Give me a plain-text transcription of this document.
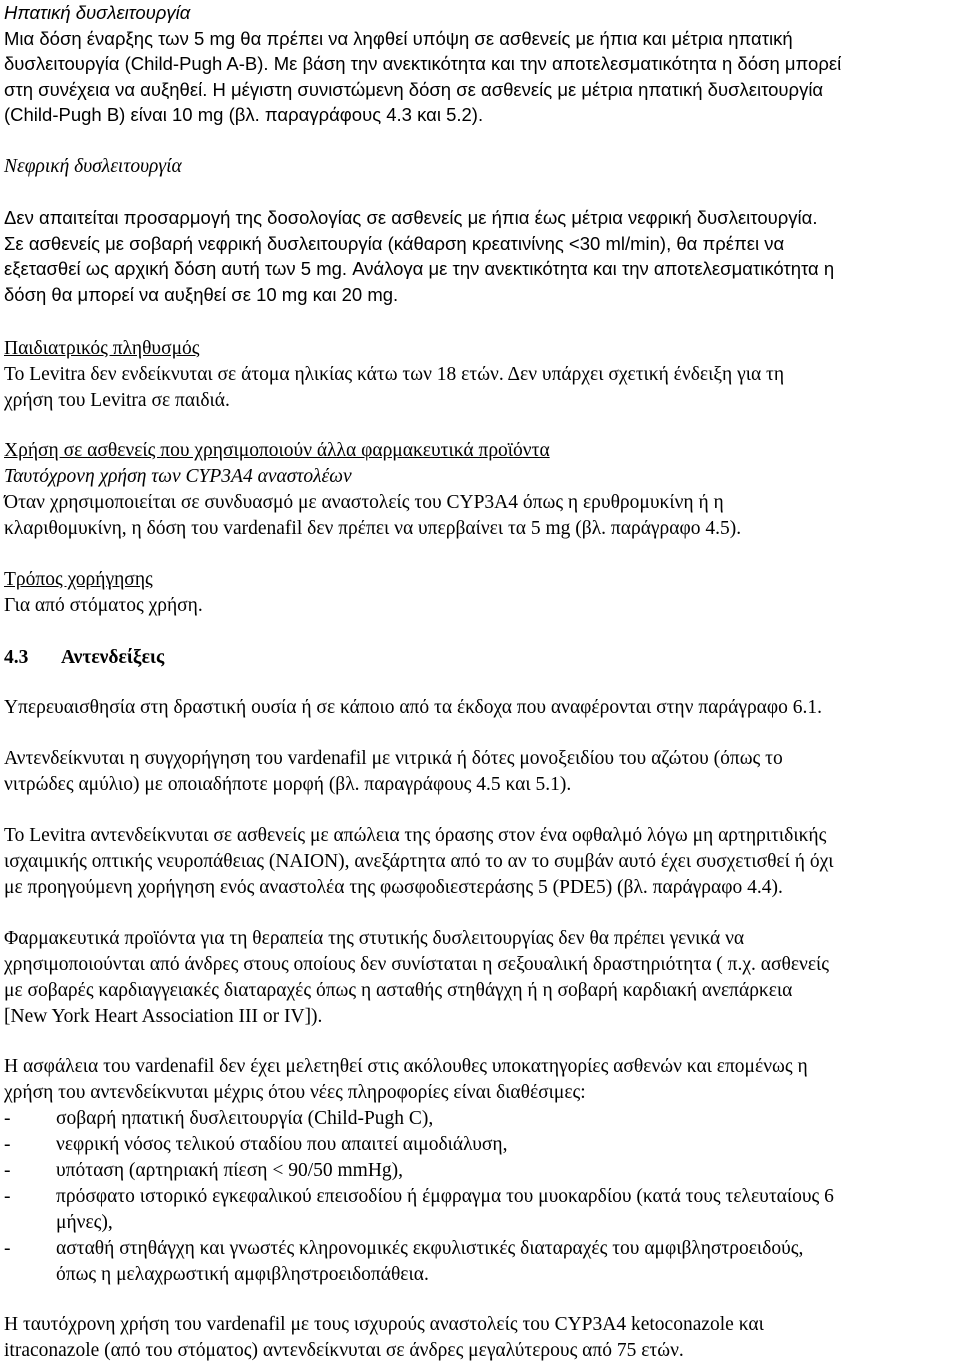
Ηπατική δυσλειτουργία
Μια δόση έναρξης των 5 mg θα πρέπει να ληφθεί υπόψη σε ασθενείς με ήπια και μέτρια ηπατική
δυσλειτουργία (Child-Pugh A-B). Με βάση την ανεκτικότητα και την αποτελεσματικότητα η δόση μπορεί
στη συνέχεια να αυξηθεί. Η μέγιστη συνιστώμενη δόση σε ασθενείς με μέτρια ηπατική δυσλειτουργία
(Child-Pugh B) είναι 10 mg (βλ. παραγράφους 4.3 και 5.2).
Νεφρική δυσλειτουργία
Δεν απαιτείται προσαρμογή της δοσολογίας σε ασθενείς με ήπια έως μέτρια νεφρική δυσλειτουργία.
Σε ασθενείς με σοβαρή νεφρική δυσλειτουργία (κάθαρση κρεατινίνης <30 ml/min), θα πρέπει να
εξετασθεί ως αρχική δόση αυτή των 5 mg. Ανάλογα με την ανεκτικότητα και την αποτελεσματικότητα η
δόση θα μπορεί να αυξηθεί σε 10 mg και 20 mg.
Παιδιατρικός πληθυσμός
Το Levitra δεν ενδείκνυται σε άτομα ηλικίας κάτω των 18 ετών. Δεν υπάρχει σχετική ένδειξη για τη
χρήση του Levitra σε παιδιά.
Χρήση σε ασθενείς που χρησιμοποιούν άλλα φαρμακευτικά προϊόντα
Ταυτόχρονη χρήση των CYP3A4 αναστολέων
Όταν χρησιμοποιείται σε συνδυασμό με αναστολείς του CYP3A4 όπως η ερυθρομυκίνη ή η
κλαριθομυκίνη, η δόση του vardenafil δεν πρέπει να υπερβαίνει τα 5 mg (βλ. παράγραφο 4.5).
Τρόπος χορήγησης
Για από στόματος χρήση.
4.3 Αντενδείξεις
Υπερευαισθησία στη δραστική ουσία ή σε κάποιο από τα έκδοχα που αναφέρονται στην παράγραφο 6.1.
Αντενδείκνυται η συγχορήγηση του vardenafil με νιτρικά ή δότες μονοξειδίου του αζώτου (όπως το
νιτρώδες αμύλιο) με οποιαδήποτε μορφή (βλ. παραγράφους 4.5 και 5.1).
Το Levitra αντενδείκνυται σε ασθενείς με απώλεια της όρασης στον ένα οφθαλμό λόγω μη αρτηριτιδικής
ισχαιμικής οπτικής νευροπάθειας (NAION), ανεξάρτητα από το αν το συμβάν αυτό έχει συσχετισθεί ή όχι
με προηγούμενη χορήγηση ενός αναστολέα της φωσφοδιεστεράσης 5 (PDE5) (βλ. παράγραφο 4.4).
Φαρμακευτικά προϊόντα για τη θεραπεία της στυτικής δυσλειτουργίας δεν θα πρέπει γενικά να
χρησιμοποιούνται από άνδρες στους οποίους δεν συνίσταται η σεξουαλική δραστηριότητα ( π.χ. ασθενείς
με σοβαρές καρδιαγγειακές διαταραχές όπως η ασταθής στηθάγχη ή η σοβαρή καρδιακή ανεπάρκεια
[New York Heart Association III or IV]).
Η ασφάλεια του vardenafil δεν έχει μελετηθεί στις ακόλουθες υποκατηγορίες ασθενών και επομένως η
χρήση του αντενδείκνυται μέχρις ότου νέες πληροφορίες είναι διαθέσιμες:
- σοβαρή ηπατική δυσλειτουργία (Child-Pugh C),
- νεφρική νόσος τελικού σταδίου που απαιτεί αιμοδιάλυση,
- υπόταση (αρτηριακή πίεση < 90/50 mmHg),
- πρόσφατο ιστορικό εγκεφαλικού επεισοδίου ή έμφραγμα του μυοκαρδίου (κατά τους τελευταίους 6
μήνες),
- ασταθή στηθάγχη και γνωστές κληρονομικές εκφυλιστικές διαταραχές του αμφιβληστροειδούς,
όπως η μελαχρωστική αμφιβληστροειδοπάθεια.
Η ταυτόχρονη χρήση του vardenafil με τους ισχυρούς αναστολείς του CYP3A4 ketoconazole και
itraconazole (από του στόματος) αντενδείκνυται σε άνδρες μεγαλύτερους από 75 ετών.
